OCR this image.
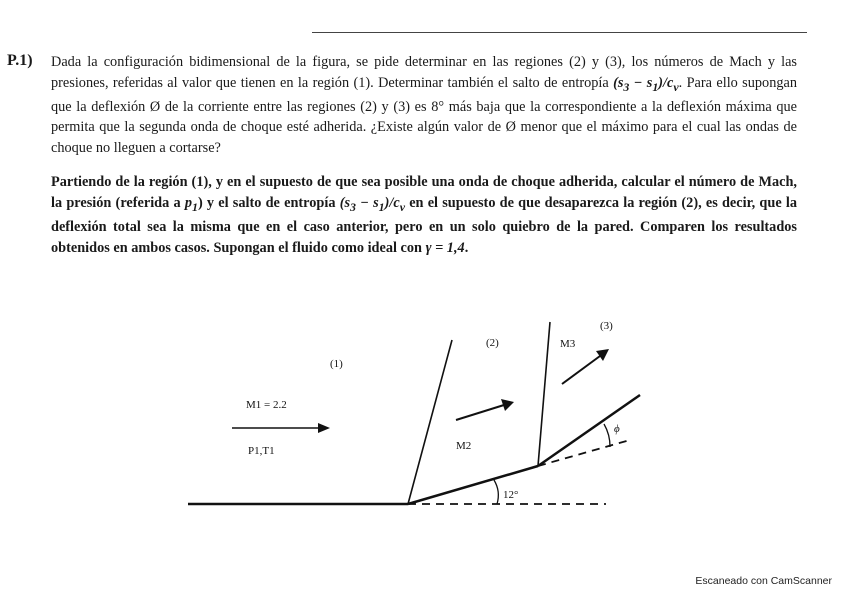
P.1) Dada la configuración bidimensional de la figura, se pide determinar en las regiones (2) y (3), los números de Mach y las presiones, referidas al valor que tienen en la región (1). Determinar también el salto de entropía $(s_3 - s_1)/c_v$. Para ello supongan que la deflexión Ø de la corriente entre las regiones (2) y (3) es 8° más baja que la correspondiente a la deflexión máxima que permita que la segunda onda de choque esté adherida. ¿Existe algún valor de Ø menor que el máximo para el cual las ondas de choque no lleguen a cortarse?

Partiendo de la región (1), y en el supuesto de que sea posible una onda de choque adherida, calcular el número de Mach, la presión (referida a $p_1$) y el salto de entropía $(s_3 - s_1)/c_v$ en el supuesto de que desaparezca la región (2), es decir, que la deflexión total sea la misma que en el caso anterior, pero en un solo quiebro de la pared. Comparen los resultados obtenidos en ambos casos. Supongan el fluido como ideal con γ = 1,4.

(1)
(2)
(3)
M1 = 2.2
P1,T1	M2
M3
12°
ϕ
Escaneado con CamScanner
